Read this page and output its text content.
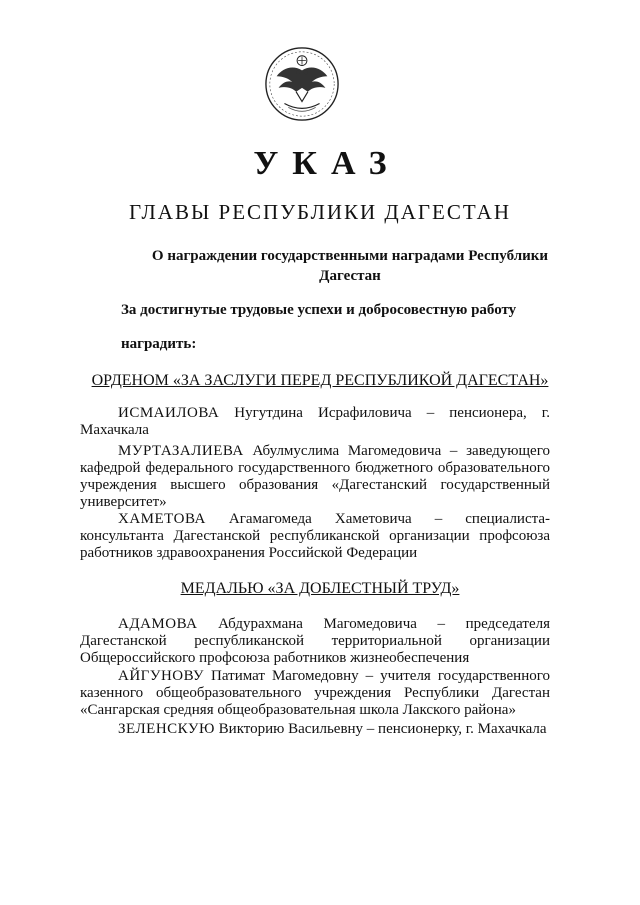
УКАЗ
ГЛАВЫ РЕСПУБЛИКИ ДАГЕСТАН
О награждении государственными наградами Республики Дагестан
За достигнутые трудовые успехи и добросовестную работу
наградить:
ОРДЕНОМ «ЗА ЗАСЛУГИ ПЕРЕД РЕСПУБЛИКОЙ ДАГЕСТАН»
ИСМАИЛОВА Нугутдина Исрафиловича – пенсионера, г. Махачкала
МУРТАЗАЛИЕВА Абулмуслима Магомедовича – заведующего кафедрой федерального государственного бюджетного образовательного учреждения высшего образования «Дагестанский государственный университет»
ХАМЕТОВА Агамагомеда Хаметовича – специалиста-консультанта Дагестанской республиканской организации профсоюза работников здравоохранения Российской Федерации
МЕДАЛЬЮ «ЗА ДОБЛЕСТНЫЙ ТРУД»
АДАМОВА Абдурахмана Магомедовича – председателя Дагестанской республиканской территориальной организации Общероссийского профсоюза работников жизнеобеспечения
АЙГУНОВУ Патимат Магомедовну – учителя государственного казенного общеобразовательного учреждения Республики Дагестан «Сангарская средняя общеобразовательная школа Лакского района»
ЗЕЛЕНСКУЮ Викторию Васильевну – пенсионерку, г. Махачкала
